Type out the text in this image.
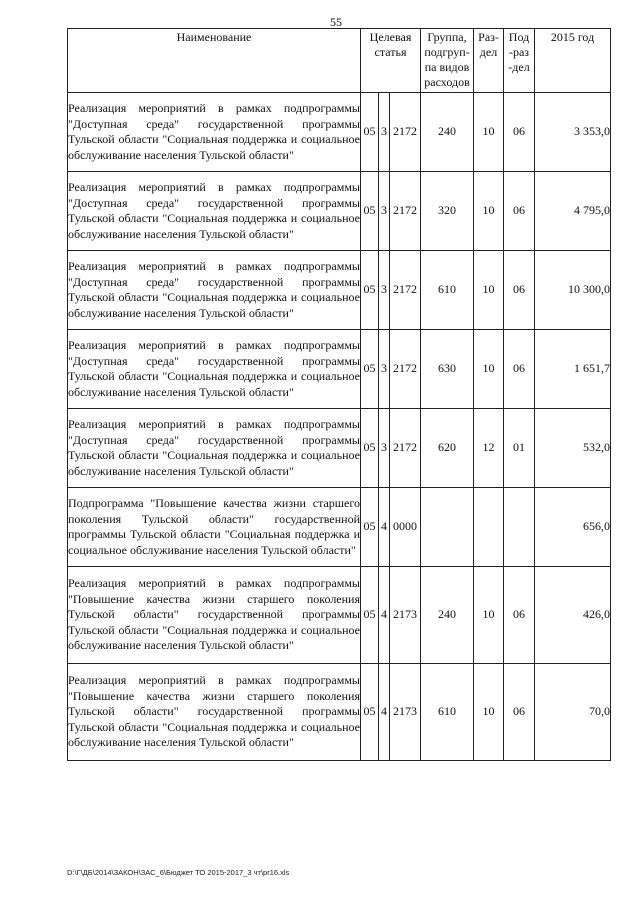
55
Наименование	Целевая статья			Группа, подгруп-па видов расходов	Раз-дел	Под-раз-дел	2015 год
Реализация мероприятий в рамках подпрограммы "Доступная среда" государственной программы Тульской области "Социальная поддержка и социальное обслуживание населения Тульской области"	05	3	2172	240	10	06	3 353,0
Реализация мероприятий в рамках подпрограммы "Доступная среда" государственной программы Тульской области "Социальная поддержка и социальное обслуживание населения Тульской области"	05	3	2172	320	10	06	4 795,0
Реализация мероприятий в рамках подпрограммы "Доступная среда" государственной программы Тульской области "Социальная поддержка и социальное обслуживание населения Тульской области"	05	3	2172	610	10	06	10 300,0
Реализация мероприятий в рамках подпрограммы "Доступная среда" государственной программы Тульской области "Социальная поддержка и социальное обслуживание населения Тульской области"	05	3	2172	630	10	06	1 651,7
Реализация мероприятий в рамках подпрограммы "Доступная среда" государственной программы Тульской области "Социальная поддержка и социальное обслуживание населения Тульской области"	05	3	2172	620	12	01	532,0
Подпрограмма "Повышение качества жизни старшего поколения Тульской области" государственной программы Тульской области "Социальная поддержка и социальное обслуживание населения Тульской области"	05	4	0000				656,0
Реализация мероприятий в рамках подпрограммы "Повышение качества жизни старшего поколения Тульской области" государственной программы Тульской области "Социальная поддержка и социальное обслуживание населения Тульской области"	05	4	2173	240	10	06	426,0
Реализация мероприятий в рамках подпрограммы "Повышение качества жизни старшего поколения Тульской области" государственной программы Тульской области "Социальная поддержка и социальное обслуживание населения Тульской области"	05	4	2173	610	10	06	70,0
D:\Г\ДБ\2014\ЗАКОН\ЗАС_6\Бюджет ТО 2015-2017_3 чт\pr16.xls
